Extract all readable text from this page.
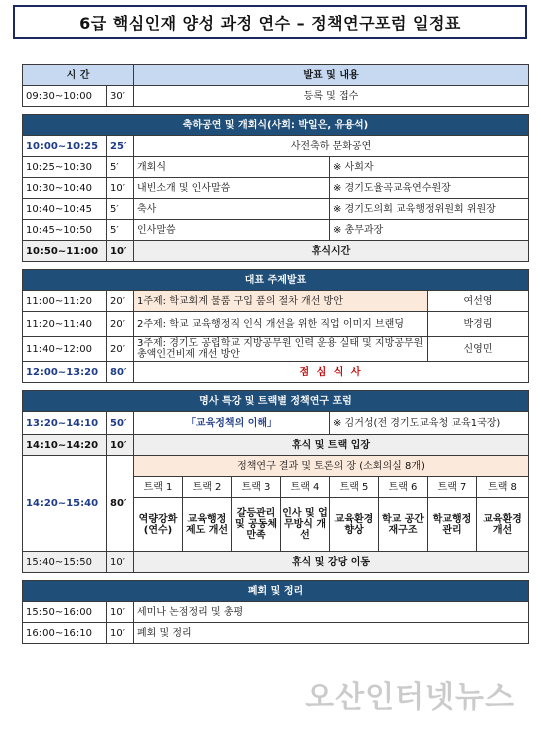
6급 핵심인재 양성 과정 연수 – 정책연구포럼 일정표
시 간		발표 및 내용							
09:30~10:00	30′	등록 및 접수							

축하공연 및 개회식(사회: 박일은, 유용석)									
10:00~10:25	25′	사전축하 문화공연							
10:25~10:30	5′	개회식				※ 사회자			
10:30~10:40	10′	내빈소개 및 인사말씀				※ 경기도율곡교육연수원장			
10:40~10:45	5′	축사				※ 경기도의회 교육행정위원회 위원장			
10:45~10:50	5′	인사말씀				※ 총무과장			
10:50~11:00	10′	휴식시간							

대표 주제발표									
11:00~11:20	20′	1주제: 학교회계 물품 구입 품의 절차 개선 방안						여선영	
11:20~11:40	20′	2주제: 학교 교육행정직 인식 개선을 위한 직업 이미지 브랜딩						박경림	
11:40~12:00	20′	3주제: 경기도 공립학교 지방공무원 인력 운용 실태 및 지방공무원 총액인건비제 개선 방안						신영민	
12:00~13:20	80′	점 심 식 사							

명사 특강 및 트랙별 정책연구 포럼									
13:20~14:10	50′	「교육정책의 이해」				※ 김거성(전 경기도교육청 교육1국장)			
14:10~14:20	10′	휴식 및 트랙 입장							
14:20~15:40	80′	정책연구 결과 및 토론의 장 (소회의실 8개)							
		트랙 1	트랙 2	트랙 3	트랙 4	트랙 5	트랙 6	트랙 7	트랙 8
		역량강화(연수)	교육행정 제도 개선	갈등관리 및 공동체 만족	인사 및 업무방식 개선	교육환경 향상	학교 공간 재구조	학교행정 관리	교육환경 개선
15:40~15:50	10′	휴식 및 강당 이동							

폐회 및 정리									
15:50~16:00	10′	세미나 논점정리 및 총평							
16:00~16:10	10′	폐회 및 정리							
오산인터넷뉴스
